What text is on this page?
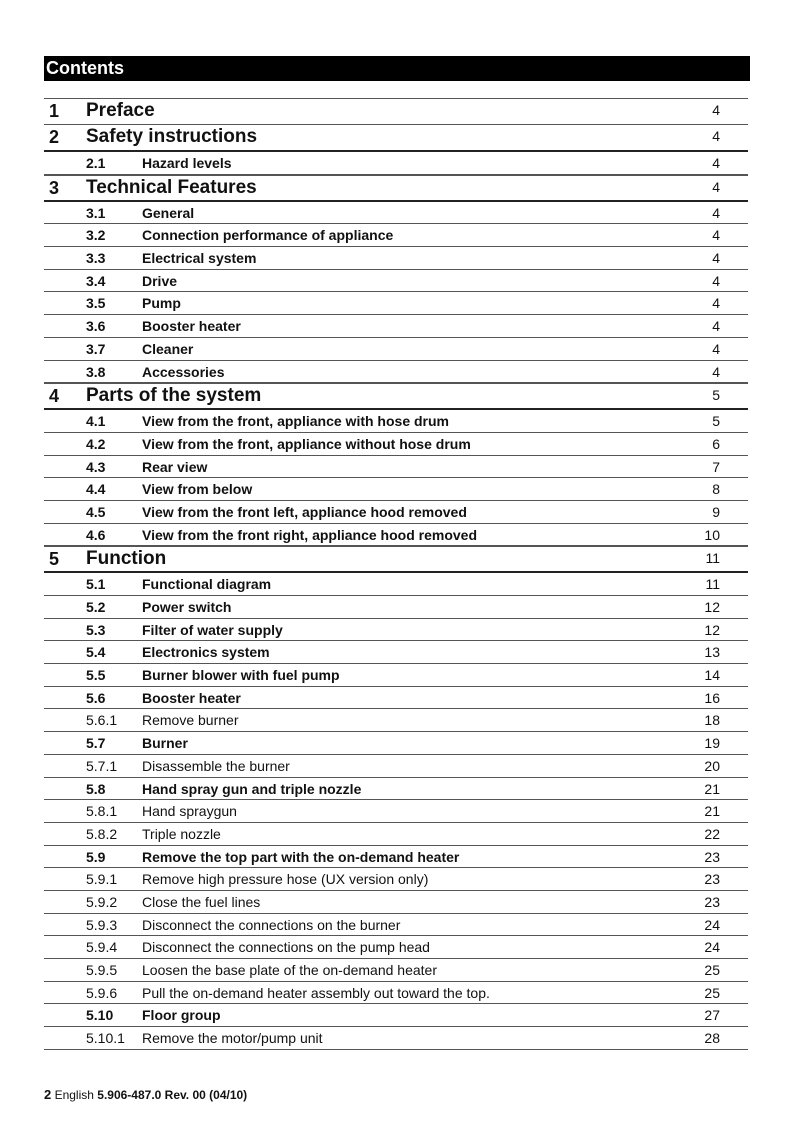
Contents
1 Preface	4
2 Safety instructions	4
2.1	Hazard levels	4
3 Technical Features	4
3.1	General	4
3.2	Connection performance of appliance	4
3.3	Electrical system	4
3.4	Drive	4
3.5	Pump	4
3.6	Booster heater	4
3.7	Cleaner	4
3.8	Accessories	4
4 Parts of the system	5
4.1	View from the front, appliance with hose drum	5
4.2	View from the front, appliance without hose drum	6
4.3	Rear view	7
4.4	View from below	8
4.5	View from the front left, appliance hood removed	9
4.6	View from the front right, appliance hood removed	10
5 Function	11
5.1	Functional diagram	11
5.2	Power switch	12
5.3	Filter of water supply	12
5.4	Electronics system	13
5.5	Burner blower with fuel pump	14
5.6	Booster heater	16
5.6.1 Remove burner	18
5.7	Burner	19
5.7.1 Disassemble the burner	20
5.8	Hand spray gun and triple nozzle	21
5.8.1 Hand spraygun	21
5.8.2 Triple nozzle	22
5.9	Remove the top part with the on-demand heater	23
5.9.1 Remove high pressure hose (UX version only)	23
5.9.2 Close the fuel lines	23
5.9.3 Disconnect the connections on the burner	24
5.9.4 Disconnect the connections on the pump head	24
5.9.5 Loosen the base plate of the on-demand heater	25
5.9.6 Pull the on-demand heater assembly out toward the top.	25
5.10 Floor group	27
5.10.1 Remove the motor/pump unit	28
2 English 5.906-487.0 Rev. 00 (04/10)
